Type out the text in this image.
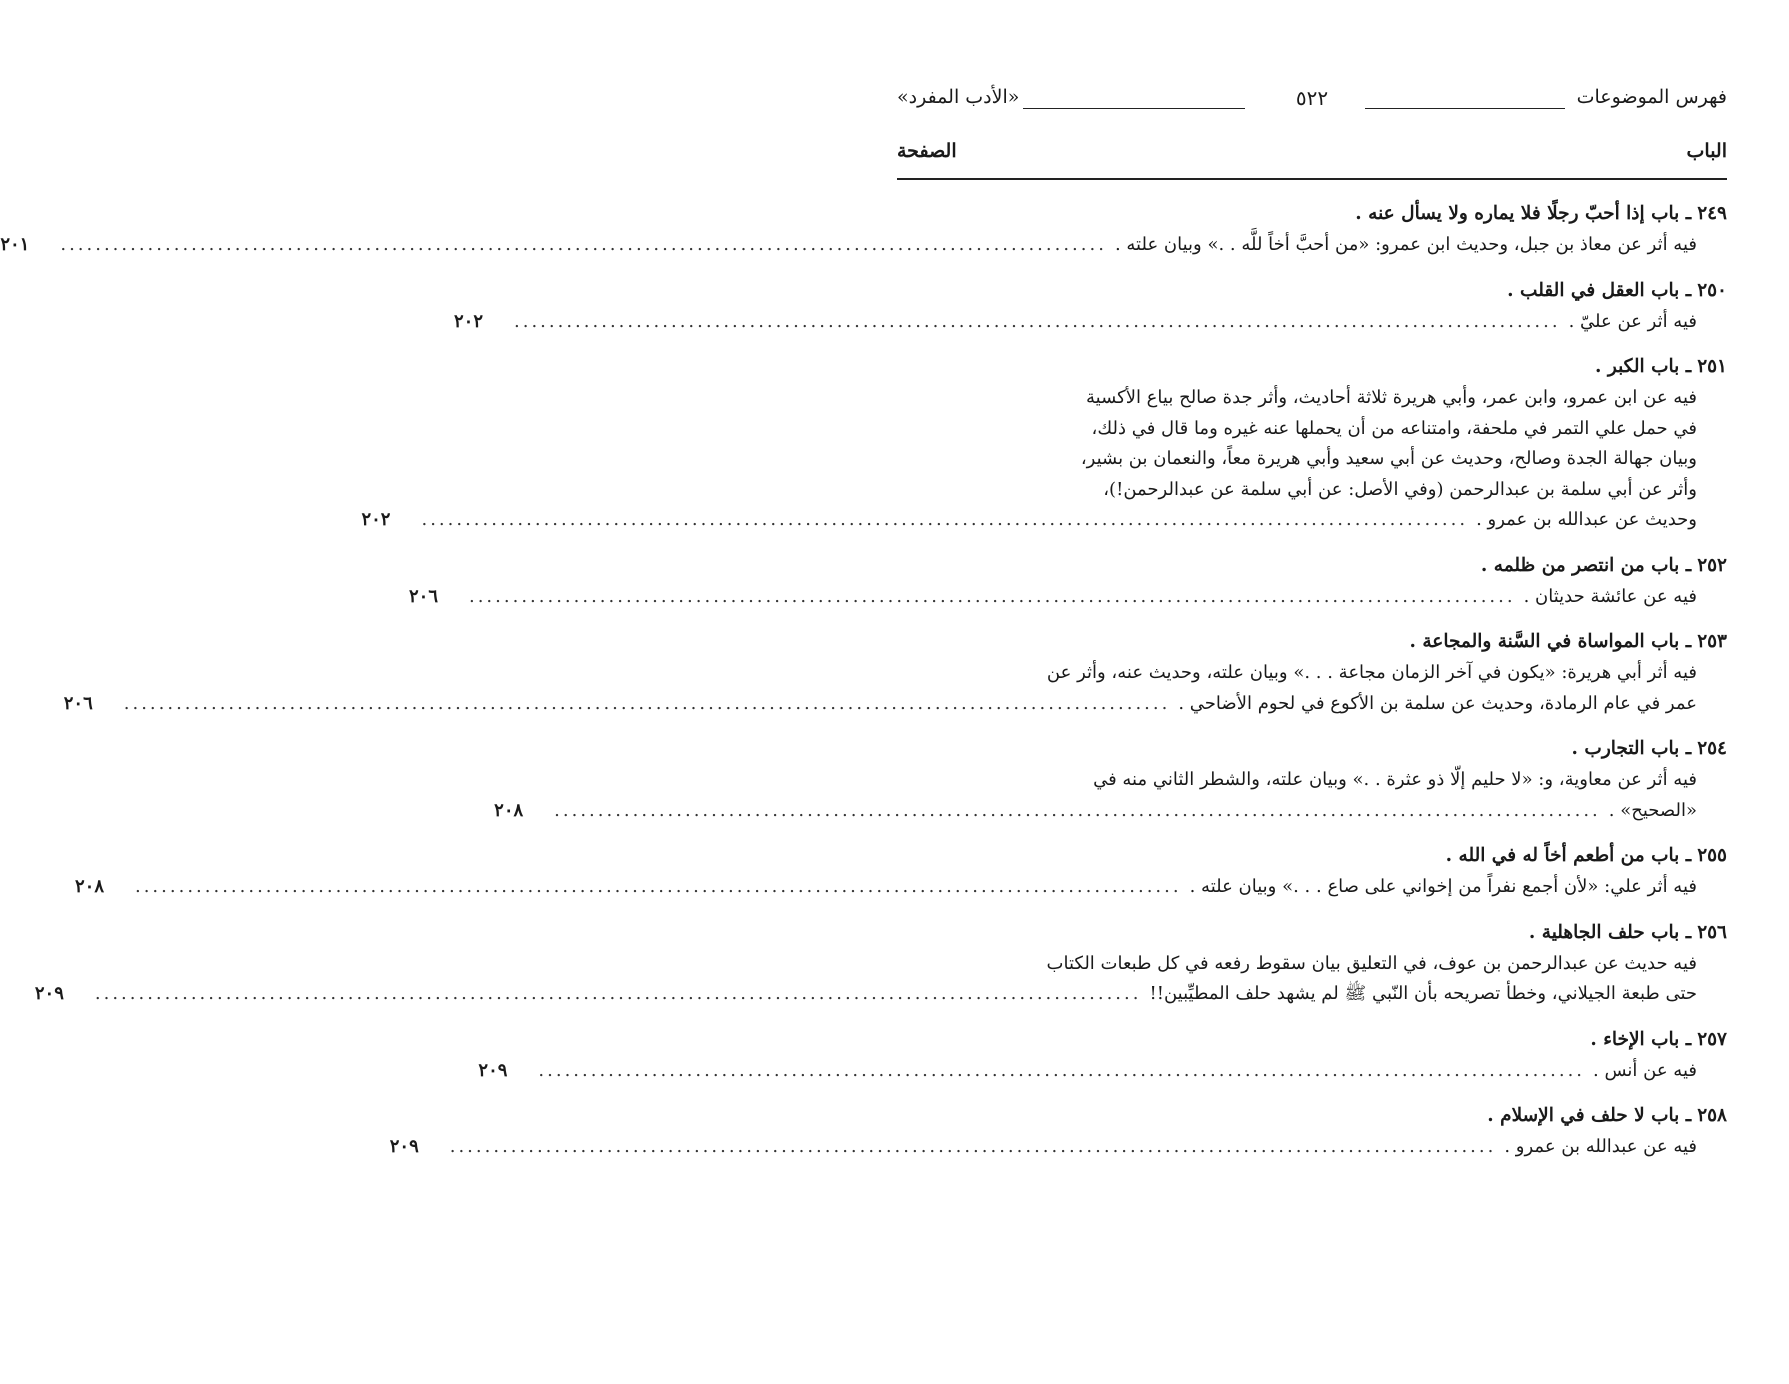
فهرس الموضوعات
٥٢٢
«الأدب المفرد»
الباب
الصفحة
٢٤٩ـ باب إذا أحبّ رجلًا فلا يماره ولا يسأل عنه .
فيه أثر عن معاذ بن جبل، وحديث ابن عمرو: «من أحبَّ أخاً للَّه . .» وبيان علته .
........................................................................................................................
٢٠١
٢٥٠ـ باب العقل في القلب .
فيه أثر عن عليّ .
........................................................................................................................
٢٠٢
٢٥١ـ باب الكبر .
فيه عن ابن عمرو، وابن عمر، وأبي هريرة ثلاثة أحاديث، وأثر جدة صالح بياع الأكسية
في حمل علي التمر في ملحفة، وامتناعه من أن يحملها عنه غيره وما قال في ذلك،
وبيان جهالة الجدة وصالح، وحديث عن أبي سعيد وأبي هريرة معاً، والنعمان بن بشير،
وأثر عن أبي سلمة بن عبدالرحمن (وفي الأصل: عن أبي سلمة عن عبدالرحمن!)،
وحديث عن عبدالله بن عمرو .
........................................................................................................................
٢٠٢
٢٥٢ـ باب من انتصر من ظلمه .
فيه عن عائشة حديثان .
........................................................................................................................
٢٠٦
٢٥٣ـ باب المواساة في السَّنة والمجاعة .
فيه أثر أبي هريرة: «يكون في آخر الزمان مجاعة . . .» وبيان علته، وحديث عنه، وأثر عن
عمر في عام الرمادة، وحديث عن سلمة بن الأكوع في لحوم الأضاحي .
........................................................................................................................
٢٠٦
٢٥٤ـ باب التجارب .
فيه أثر عن معاوية، و: «لا حليم إلّا ذو عثرة . .» وبيان علته، والشطر الثاني منه في
«الصحيح» .
........................................................................................................................
٢٠٨
٢٥٥ـ باب من أطعم أخاً له في الله .
فيه أثر علي: «لأن أجمع نفراً من إخواني على صاع . . .» وبيان علته .
........................................................................................................................
٢٠٨
٢٥٦ـ باب حلف الجاهلية .
فيه حديث عن عبدالرحمن بن عوف، في التعليق بيان سقوط رفعه في كل طبعات الكتاب
حتى طبعة الجيلاني، وخطأ تصريحه بأن النّبي ﷺ لم يشهد حلف المطيِّبين!!
........................................................................................................................
٢٠٩
٢٥٧ـ باب الإخاء .
فيه عن أنس .
........................................................................................................................
٢٠٩
٢٥٨ـ باب لا حلف في الإسلام .
فيه عن عبدالله بن عمرو .
........................................................................................................................
٢٠٩
